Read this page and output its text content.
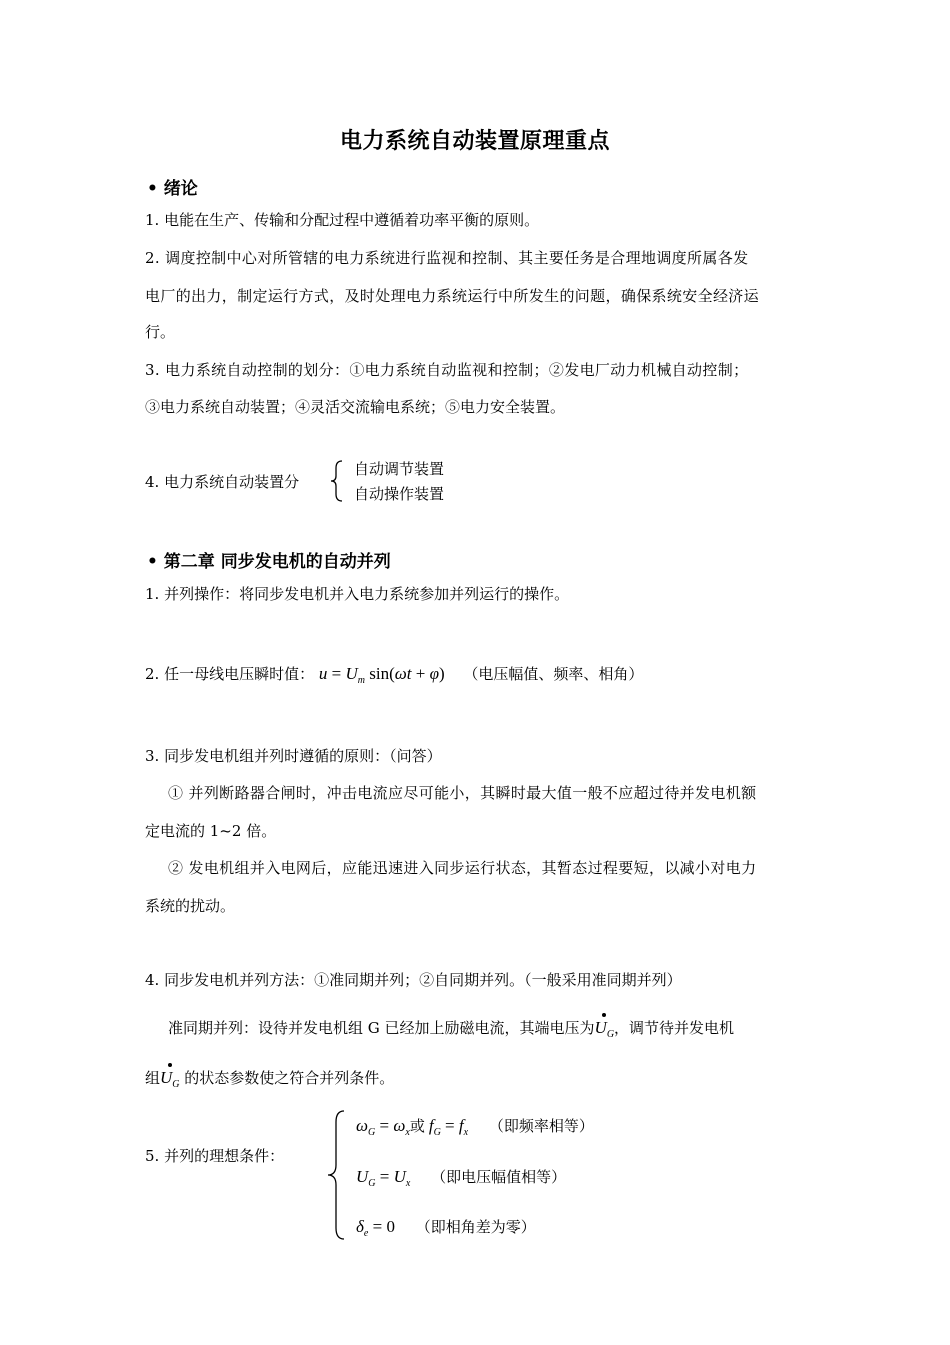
电力系统自动装置原理重点
• 绪论
1. 电能在生产、传输和分配过程中遵循着功率平衡的原则。
2. 调度控制中心对所管辖的电力系统进行监视和控制、其主要任务是合理地调度所属各发
电厂的出力，制定运行方式，及时处理电力系统运行中所发生的问题，确保系统安全经济运
行。
3. 电力系统自动控制的划分：①电力系统自动监视和控制；②发电厂动力机械自动控制；
③电力系统自动装置；④灵活交流输电系统；⑤电力安全装置。
4. 电力系统自动装置分
自动调节装置
自动操作装置
• 第二章 同步发电机的自动并列
1. 并列操作：将同步发电机并入电力系统参加并列运行的操作。
2. 任一母线电压瞬时值： $u = U_m$ sin(ωt + φ) （电压幅值、频率、相角）
3. 同步发电机组并列时遵循的原则：（问答）
① 并列断路器合闸时，冲击电流应尽可能小，其瞬时最大值一般不应超过待并发电机额
定电流的 1~2 倍。
② 发电机组并入电网后，应能迅速进入同步运行状态，其暂态过程要短，以减小对电力
系统的扰动。
4. 同步发电机并列方法：①准同期并列；②自同期并列。（一般采用准同期并列）
准同期并列：设待并发电机组 G 已经加上励磁电流，其端电压为$U_G$，调节待并发电机
组$U_G$ 的状态参数使之符合并列条件。
5. 并列的理想条件：
$\omega_G = \omega_x$或 $f_G = f_x$ （即频率相等）
$U_G = U_x$ （即电压幅值相等）
$\delta_e = 0$ （即相角差为零）
